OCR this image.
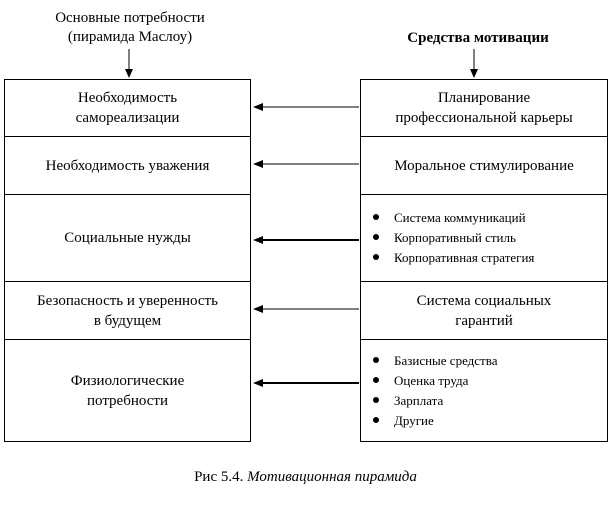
Основные потребности
(пирамида Маслоу)	Средства мотивации
Необходимость
самореализации
Необходимость уважения
Социальные нужды
Безопасность и уверенность
в будущем
Физиологические
потребности
Планирование
профессиональной карьеры
Моральное стимулирование
Система коммуникаций
Корпоративный стиль
Корпоративная стратегия
Система социальных
гарантий
Базисные средства
Оценка труда
Зарплата
Другие
Рис 5.4. Мотивационная пирамида
